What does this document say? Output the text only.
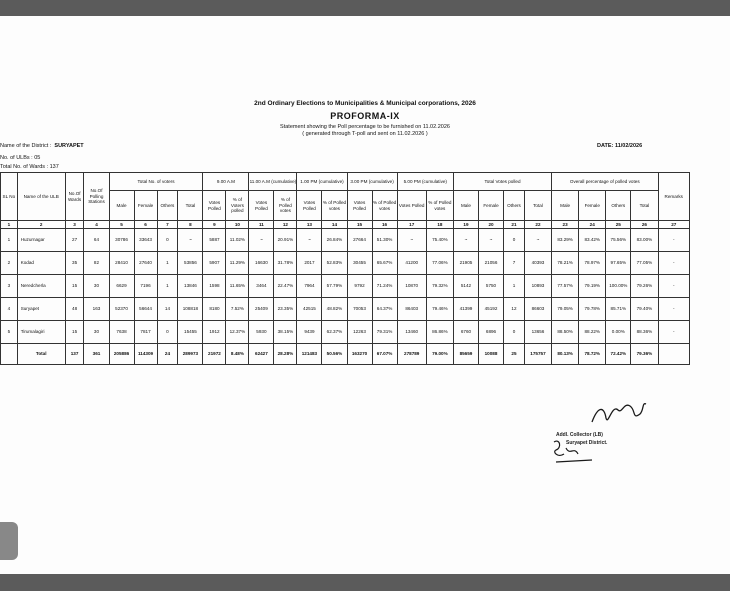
2nd Ordinary Elections to Municipalities & Municipal corporations, 2026
PROFORMA-IX
Statement showing the Poll percentage to be furnished on 11.02.2026
( generated through T-poll and sent on 11.02.2026 )
Name of the District : SURYAPET	DATE: 11/02/2026
No. of ULBs : 05
Total No. of Wards : 137
SL No	Name of the ULB	No.Of Wards	No.Of Polling Stations	Total No. of voters				9.00 A.M		11.00 A.M (cumulative)		1.00 PM (cumulative)		3.00 PM (cumulative)		5.00 PM (cumulative)		Total Votes polled				Overall percentage of polled votes				Remarks
				Male	Female	Others	Total	Votes Polled	% of Voters polled	Votes Polled	% of Polled votes	Votes Polled	% of Polled votes	Votes Polled	% of Polled votes	Votes Polled	% of Polled votes	Male	Female	Others	Total	Male	Female	Others	Total	
1	2	3	4	5	6	7	8	9	10	11	12	13	14	15	16	17	18	19	20	21	22	23	24	25	26	27
1	Huzurnagar	27	64	30786	33643	0	~	5887	11.02%	~	20.91%	~	26.84%	27664	51.30%	~	75.40%	~	~	0	~	83.29%	83.42%	75.56%	83.00%	-
2	Kodad	35	82	28410	27640	1	53856	5907	11.29%	16630	31.78%	2017	52.83%	30455	65.67%	41200	77.06%	21905	21056	7	40393	78.21%	78.97%	97.65%	77.05%	-
3	Neredcherla	15	30	6629	7196	1	13846	1598	11.65%	3464	22.47%	7964	57.79%	9792	71.24%	10870	79.32%	5142	5750	1	10893	77.57%	79.19%	100.00%	79.26%	-
4	Suryapet	48	163	52370	56644	14	108818	8180	7.52%	25409	23.35%	42515	48.82%	70053	64.37%	86403	79.46%	41399	45192	12	86603	79.05%	79.78%	85.71%	79.40%	-
5	Tirumalagiri	15	30	7638	7817	0	15455	1912	12.37%	5930	38.15%	9439	62.37%	12263	79.31%	13460	86.86%	6760	6896	0	13656	88.50%	88.22%	0.00%	88.36%	-
	Total	137	361	205886	114309	24	289973	21972	8.48%	62427	28.28%	121483	50.56%	163270	67.07%	278789	79.00%	85659	10088	25	175757	80.13%	78.72%	72.42%	79.36%	
Addl. Collector (LB)
Suryapet District.
